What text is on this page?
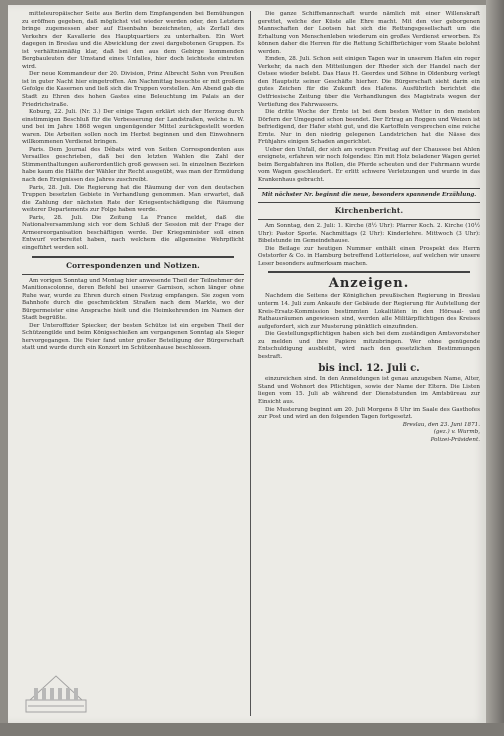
mitteleuropäischer Seite aus Berlin dem Empfangenden bei Bemühungen zu eröffnen gegeben, daß möglichst viel wieder werden oder, den Letztern bringe zugemessen aber auf Eisenbahn bezeichneten, als Zerfall des Verkehrs der Kavallerie des Hauptquartiers zu unterhalten. Ein Wort dagegen in Breslau und die Abwicklung der zwei dargebotenen Gruppen. Es ist verhältnismäßig klar, daß bei den aus dem Gebirge kommenden Bergbauleuten der Umstand eines Unfalles, hier doch leichteste eintreten wird.

Der neue Kommandeur der 20. Division, Prinz Albrecht Sohn von Preußen ist in guter Nacht hier eingetroffen. Am Nachmittag besuchte er mit großem Gefolge die Kasernen und ließ sich die Truppen vorstellen. Am Abend gab die Stadt zu Ehren des hohen Gastes eine Beleuchtung im Palais an der Friedrichstraße.

Koburg, 22. Juli. (Nr. 3.) Der einige Tagen erklärt sich der Herzog durch einstimmigen Beschluß für die Verbesserung der Landstraßen, welche n. W. und bei im Jahre 1868 wegen ungenügender Mittel zurückgestellt worden waren. Die Arbeiten sollen noch im Herbst beginnen und den Einwohnern willkommenen Verdienst bringen.

Paris. Dem Journal des Débats wird von Seiten Correspondenten aus Versailles geschrieben, daß bei den letzten Wahlen die Zahl der Stimmenthaltungen außerordentlich groß gewesen sei. In einzelnen Bezirken habe kaum die Hälfte der Wähler ihr Recht ausgeübt, was man der Ermüdung nach den Ereignissen des Jahres zuschreibt.

Paris, 28. Juli. Die Regierung hat die Räumung der von den deutschen Truppen besetzten Gebiete in Verhandlung genommen. Man erwartet, daß die Zahlung der nächsten Rate der Kriegsentschädigung die Räumung weiterer Departements zur Folge haben werde.

Paris, 28. Juli. Die Zeitung La France meldet, daß die Nationalversammlung sich vor dem Schluß der Session mit der Frage der Armeereorganisation beschäftigen werde. Der Kriegsminister soll einen Entwurf vorbereitet haben, nach welchem die allgemeine Wehrpflicht eingeführt werden soll.

Correspondenzen und Notizen.

Am vorigen Sonntag und Montag hier anwesende Theil der Teilnehmer der Manitionscolonne, deren Befehl bei unserer Garnison, schon länger ohne Ruhe war, wurde zu Ehren durch einen Festzug empfangen. Sie zogen vom Bahnhofe durch die geschmückten Straßen nach dem Markte, wo der Bürgermeister eine Ansprache hielt und die Heimkehrenden im Namen der Stadt begrüßte.

Der Unteroffizier Spiecker, der besten Schütze ist ein ergeben Theil der Schützengilde und beim Königsschießen am vergangenen Sonntag als Sieger hervorgegangen. Die Feier fand unter großer Beteiligung der Bürgerschaft statt und wurde durch ein Konzert im Schützenhause beschlossen.

Die ganze Schiffsmannschaft wurde nämlich mit einer Willenskraft gerettet, welche der Küste alle Ehre macht. Mit den vier geborgenen Mannschaften der Lootsen hat sich die Rettungsgesellschaft um die Erhaltung von Menschenleben wiederum ein großes Verdienst erworben. Es können daher die Herren für die Rettung Schiffbrüchiger vom Staate belohnt werden.

Emden, 28. Juli. Schon seit einigen Tagen war in unserem Hafen ein reger Verkehr, da nach den Mitteilungen der Rheder sich der Handel nach der Ostsee wieder belebt. Das Haus H. Geerdes und Söhne in Oldenburg verlegt den Hauptsitz seiner Geschäfte hierher. Die Bürgerschaft sieht darin ein gutes Zeichen für die Zukunft des Hafens. Ausführlich berichtet die Ostfriesische Zeitung über die Verhandlungen des Magistrats wegen der Vertiefung des Fahrwassers.

Die dritte Woche der Ernte ist bei dem besten Wetter in den meisten Dörfern der Umgegend schon beendet. Der Ertrag an Roggen und Weizen ist befriedigend, der Hafer steht gut, und die Kartoffeln versprechen eine reiche Ernte. Nur in den niedrig gelegenen Landstrichen hat die Nässe des Frühjahrs einigen Schaden angerichtet.

Ueber den Unfall, der sich am vorigen Freitag auf der Chaussee bei Ahlen ereignete, erfahren wir noch folgendes: Ein mit Holz beladener Wagen geriet beim Bergabfahren ins Rollen, die Pferde scheuten und der Fuhrmann wurde vom Wagen geschleudert. Er erlitt schwere Verletzungen und wurde in das Krankenhaus gebracht.

Mit nächster Nr. beginnt die neue, besonders spannende Erzählung.

Kirchenbericht.

Am Sonntag, den 2. Juli: 1. Kirche (8½ Uhr): Pfarrer Koch. 2. Kirche (10½ Uhr): Pastor Sporle. Nachmittags (2 Uhr): Kinderlehre. Mittwoch (3 Uhr): Bibelstunde im Gemeindehause.

Die Beilage zur heutigen Nummer enthält einen Prospekt des Herrn Oststorfer & Co. in Hamburg betreffend Lotterielose, auf welchen wir unsere Leser besonders aufmerksam machen.

Anzeigen.

Nachdem die Seitens der Königlichen preußischen Regierung in Breslau unterm 14. Juli zum Ankaufe der Gebäude der Regierung für Aufstellung der Kreis-Ersatz-Kommission bestimmten Lokalitäten in den Hörsaal- und Rathausräumen angewiesen sind, werden alle Militärpflichtigen des Kreises aufgefordert, sich zur Musterung pünktlich einzufinden.

Die Gestellungspflichtigen haben sich bei dem zuständigen Amtsvorsteher zu melden und ihre Papiere mitzubringen. Wer ohne genügende Entschuldigung ausbleibt, wird nach den gesetzlichen Bestimmungen bestraft.

bis incl. 12. Juli c.

einzureichen sind. In den Anmeldungen ist genau anzugeben Name, Alter, Stand und Wohnort des Pflichtigen, sowie der Name der Eltern. Die Listen liegen vom 15. Juli ab während der Dienststunden im Amtsbüreau zur Einsicht aus.

Die Musterung beginnt am 20. Juli Morgens 8 Uhr im Saale des Gasthofes zur Post und wird an den folgenden Tagen fortgesetzt.

Breslau, den 23. Juni 1871.

(gez.) v. Wurmb,

Polizei-Präsident.
